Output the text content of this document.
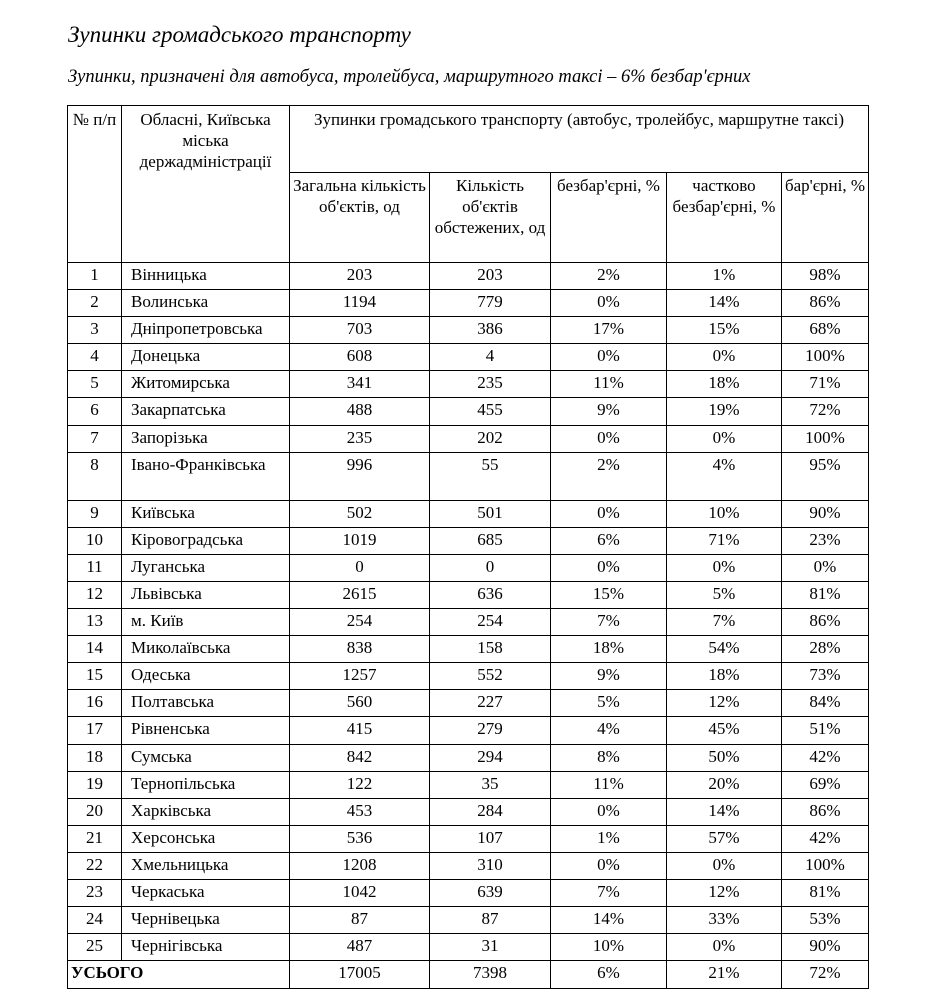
Зупинки громадського транспорту
Зупинки, призначені для автобуса, тролейбуса, маршрутного таксі – 6% безбар'єрних
№ п/п	Обласні, Київська міська держадміністрації	Зупинки громадського транспорту (автобус, тролейбус, маршрутне таксі)				
		Загальна кількість об'єктів, од	Кількість об'єктів обстежених, од	безбар'єрні, %	частково безбар'єрні, %	бар'єрні, %
1	Вінницька	203	203	2%	1%	98%
2	Волинська	1194	779	0%	14%	86%
3	Дніпропетровська	703	386	17%	15%	68%
4	Донецька	608	4	0%	0%	100%
5	Житомирська	341	235	11%	18%	71%
6	Закарпатська	488	455	9%	19%	72%
7	Запорізька	235	202	0%	0%	100%
8	Івано-Франківська	996	55	2%	4%	95%
9	Київська	502	501	0%	10%	90%
10	Кіровоградська	1019	685	6%	71%	23%
11	Луганська	0	0	0%	0%	0%
12	Львівська	2615	636	15%	5%	81%
13	м. Київ	254	254	7%	7%	86%
14	Миколаївська	838	158	18%	54%	28%
15	Одеська	1257	552	9%	18%	73%
16	Полтавська	560	227	5%	12%	84%
17	Рівненська	415	279	4%	45%	51%
18	Сумська	842	294	8%	50%	42%
19	Тернопільська	122	35	11%	20%	69%
20	Харківська	453	284	0%	14%	86%
21	Херсонська	536	107	1%	57%	42%
22	Хмельницька	1208	310	0%	0%	100%
23	Черкаська	1042	639	7%	12%	81%
24	Чернівецька	87	87	14%	33%	53%
25	Чернігівська	487	31	10%	0%	90%
УСЬОГО		17005	7398	6%	21%	72%
